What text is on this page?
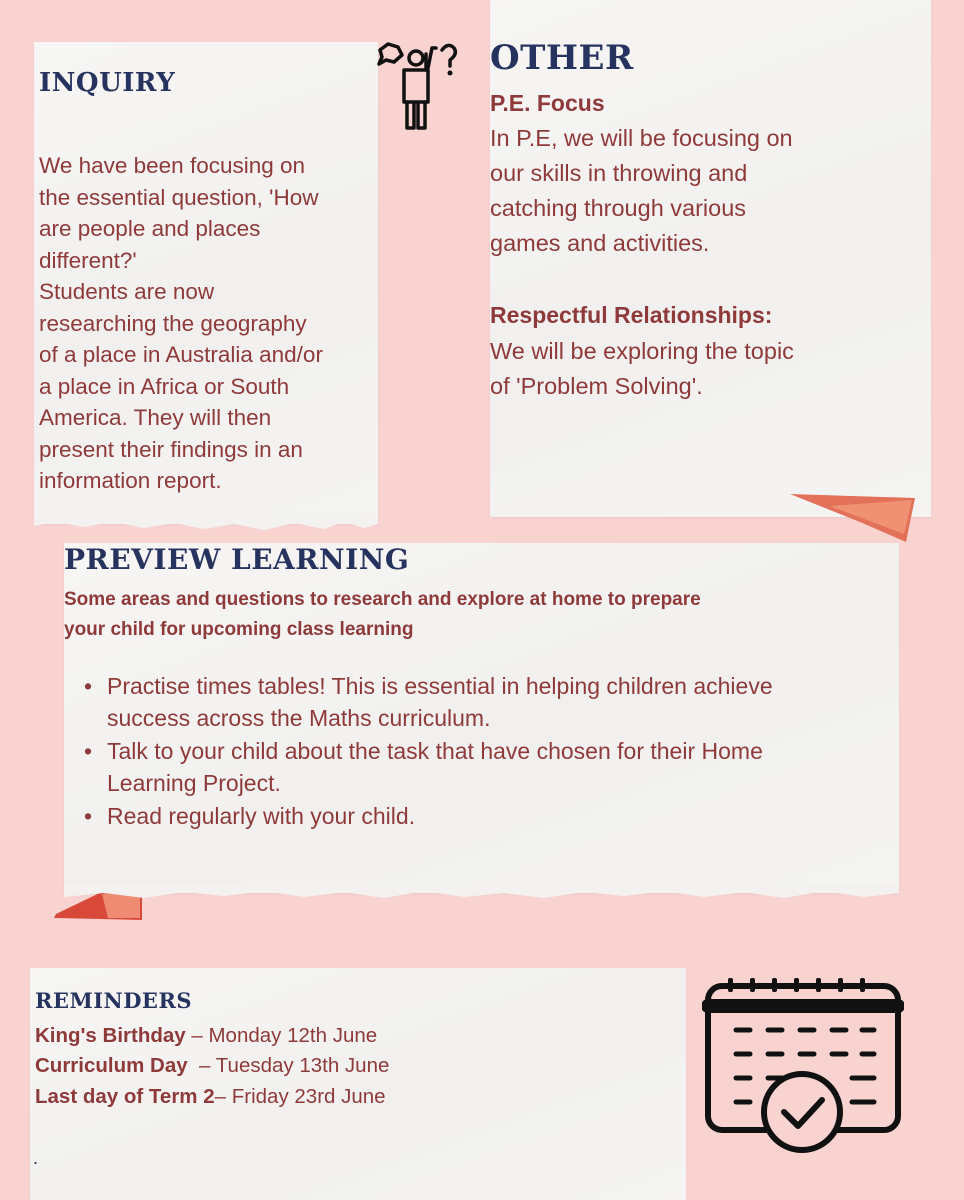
INQUIRY
We have been focusing on
the essential question, 'How
are people and places
different?'
Students are now
researching the geography
of a place in Australia and/or
a place in Africa or South
America. They will then
present their findings in an
information report.
OTHER
P.E. Focus
In P.E, we will be focusing on
our skills in throwing and
catching through various
games and activities.
Respectful Relationships:
We will be exploring the topic
of 'Problem Solving'.
PREVIEW LEARNING
Some areas and questions to research and explore at home to prepare
your child for upcoming class learning
• Practise times tables! This is essential in helping children achieve
success across the Maths curriculum.
• Talk to your child about the task that have chosen for their Home
Learning Project.
• Read regularly with your child.
REMINDERS
King's Birthday – Monday 12th June
Curriculum Day  – Tuesday 13th June
Last day of Term 2– Friday 23rd June
.
